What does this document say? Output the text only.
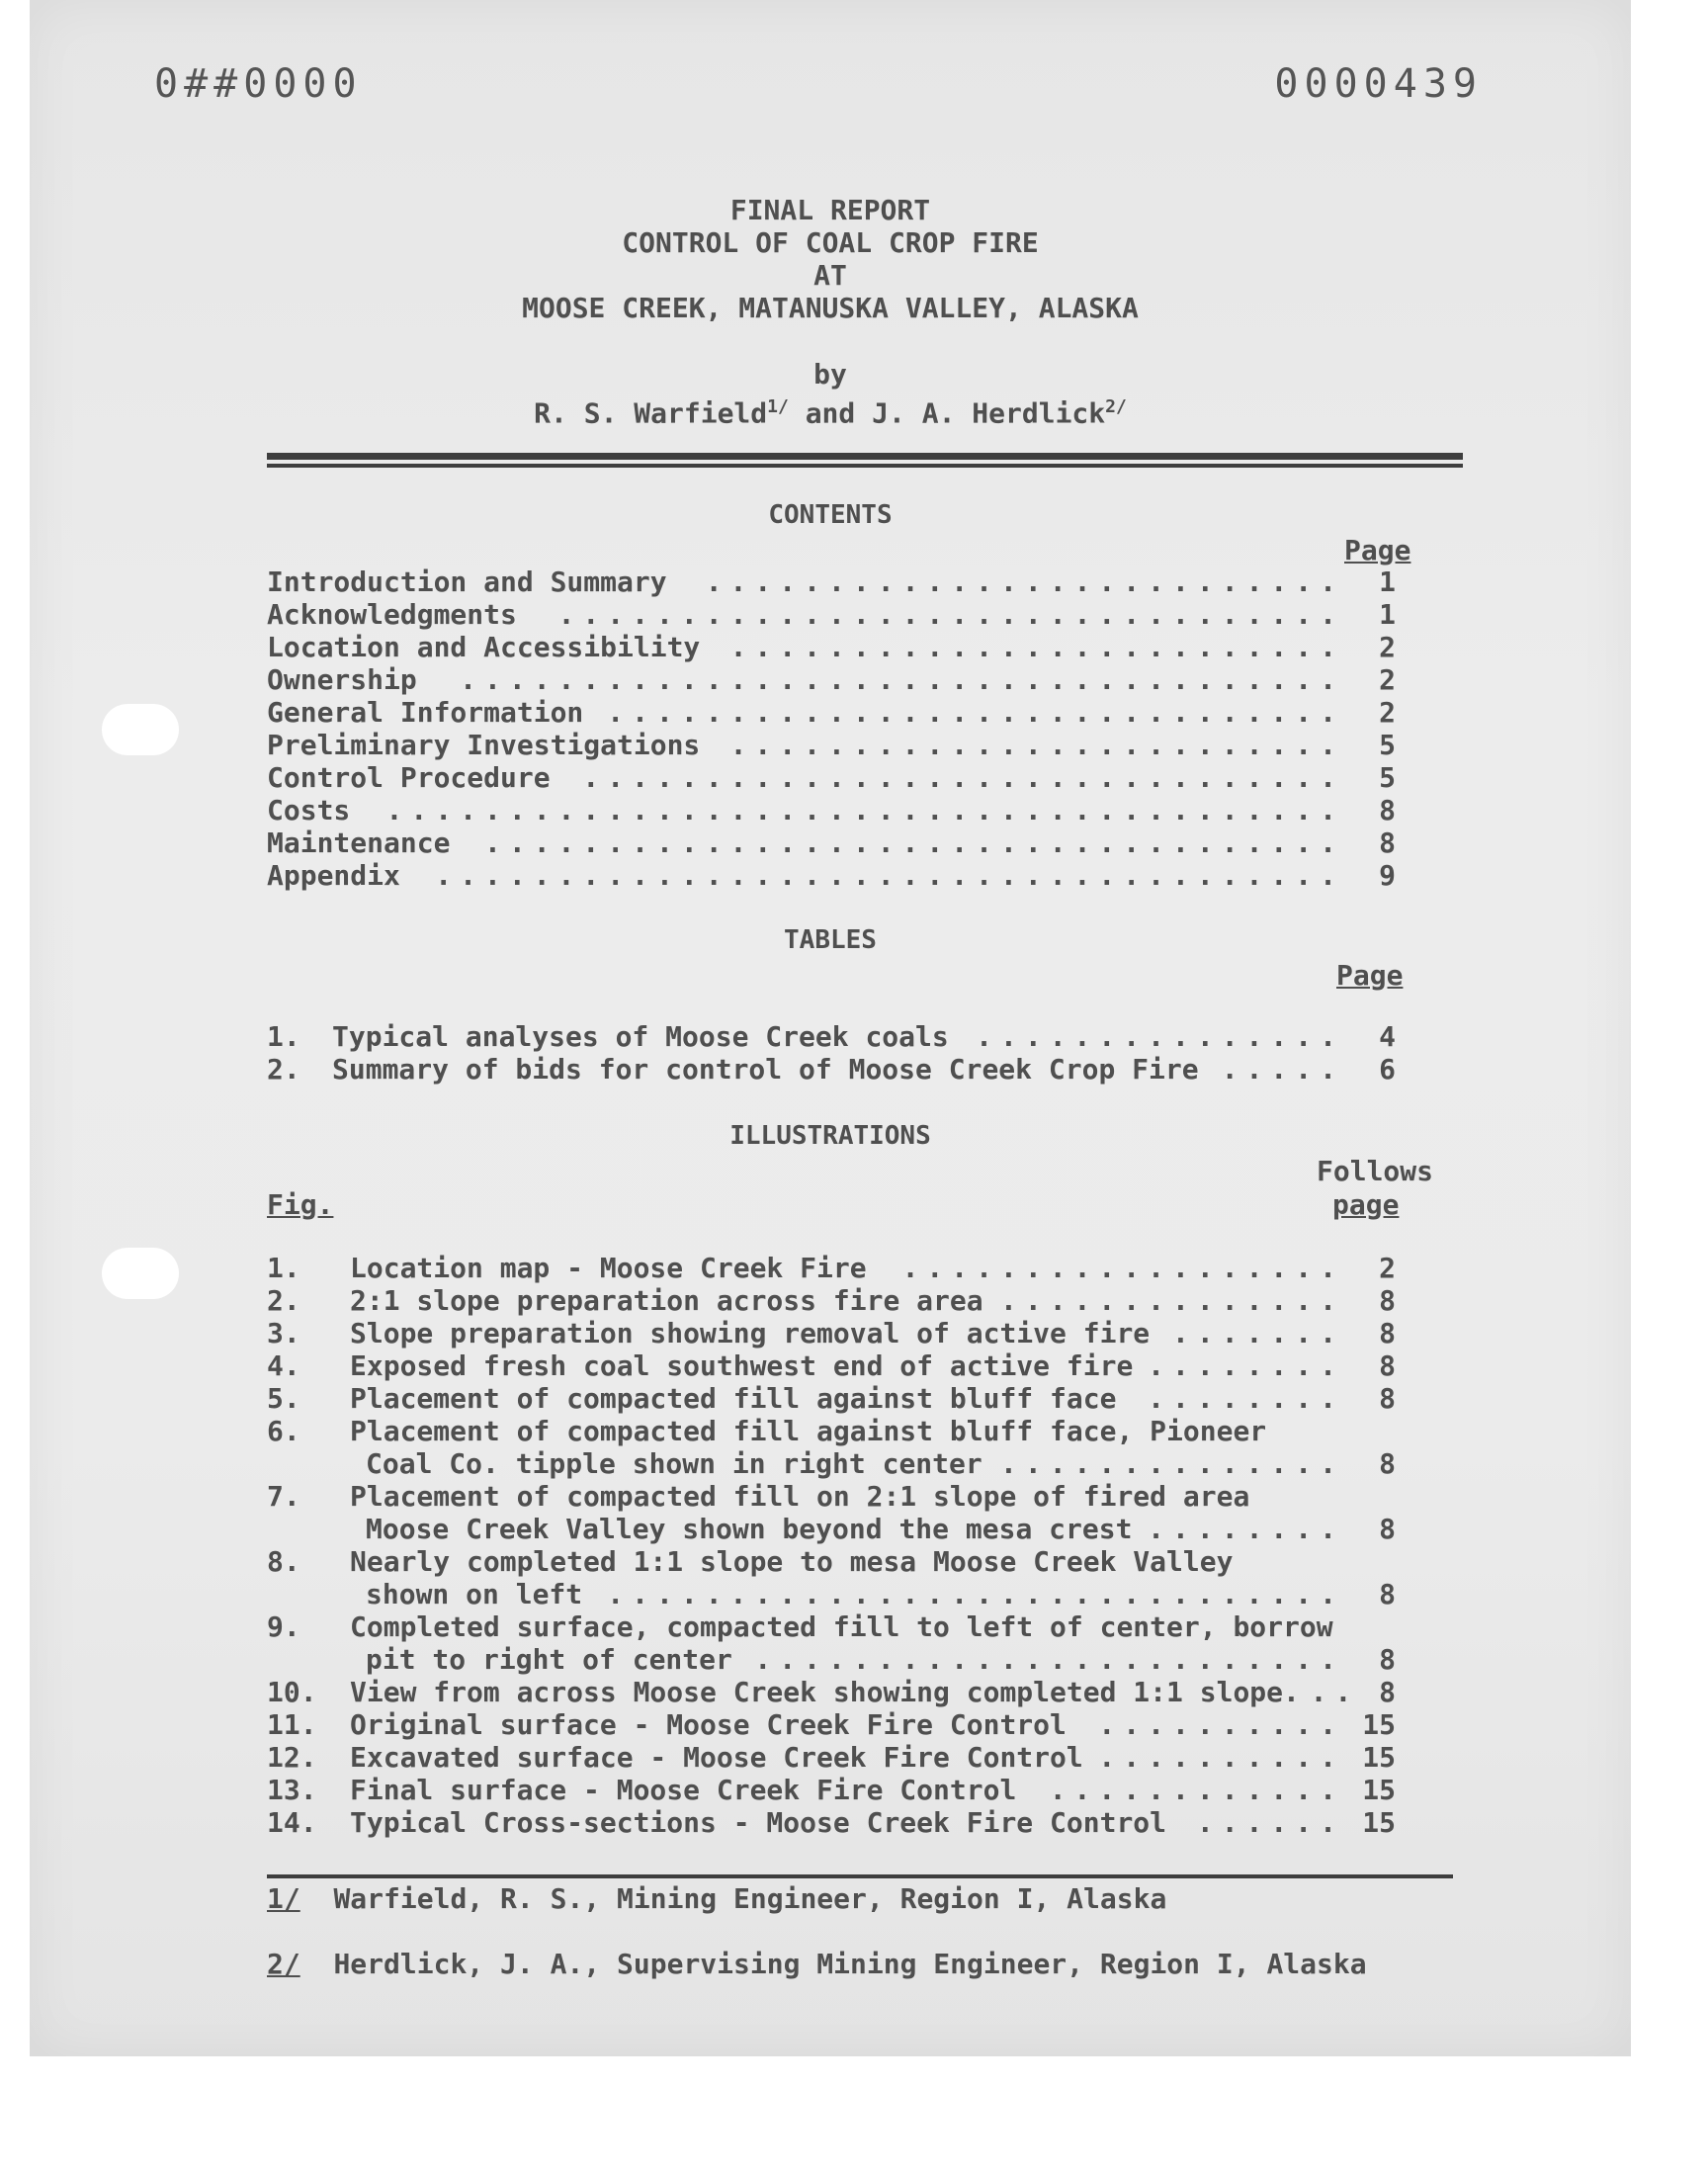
0##0000	0000439
FINAL REPORT
CONTROL OF COAL CROP FIRE
AT
MOOSE CREEK, MATANUSKA VALLEY, ALASKA
by
R. S. Warfield$^{1/}$ and J. A. Herdlick$^{2/}$
CONTENTS
Page
Introduction and Summary	..........................	1
Acknowledgments	................................	1
Location and Accessibility	.........................	2
Ownership	....................................	2
General Information ..............................	2
Preliminary Investigations	.........................	5
Control Procedure	...............................	5
Costs	.......................................	8
Maintenance	...................................	8
Appendix	.....................................	9
TABLES
Page
1. Typical analyses of Moose Creek coals ...............	4
2. Summary of bids for control of Moose Creek Crop Fire .....	6
ILLUSTRATIONS
Follows
page
Fig.
1. Location map - Moose Creek Fire	..................	2
2. 2:1 slope preparation across fire area ..............	8
3. Slope preparation showing removal of active fire .......	8
4. Exposed fresh coal southwest end of active fire ........	8
5. Placement of compacted fill against bluff face	........	8
6. Placement of compacted fill against bluff face, Pioneer
Coal Co. tipple shown in right center ..............	8
7. Placement of compacted fill on 2:1 slope of fired area
Moose Creek Valley shown beyond the mesa crest ........	8
8. Nearly completed 1:1 slope to mesa Moose Creek Valley
shown on left ..............................	8
9. Completed surface, compacted fill to left of center, borrow
pit to right of center ........................	8
10. View from across Moose Creek showing completed 1:1 slope. .. 8
11. Original surface - Moose Creek Fire Control	.......... 15
12. Excavated surface - Moose Creek Fire Control .......... 15
13. Final surface - Moose Creek Fire Control	............ 15
14. Typical Cross-sections - Moose Creek Fire Control	...... 15
1/ Warfield, R. S., Mining Engineer, Region I, Alaska
2/ Herdlick, J. A., Supervising Mining Engineer, Region I, Alaska
